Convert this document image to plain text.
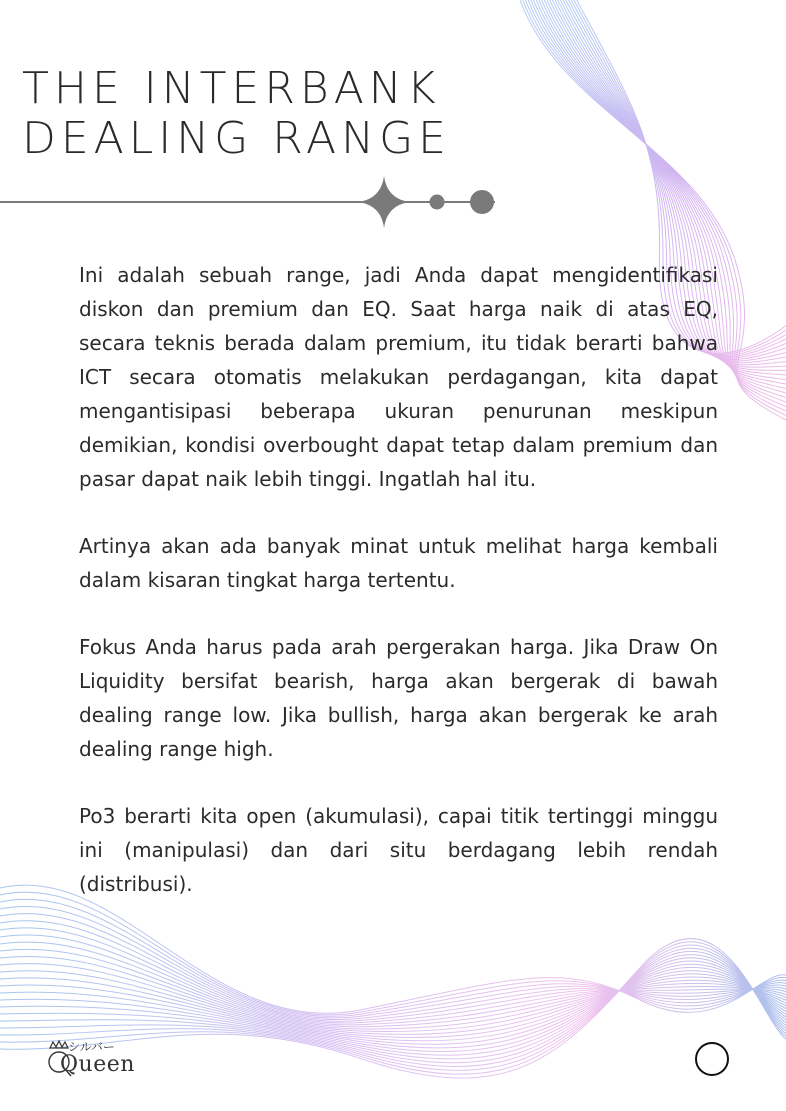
THE INTERBANK
DEALING RANGE

Ini adalah sebuah range, jadi Anda dapat mengidentifikasi diskon dan premium dan EQ. Saat harga naik di atas EQ, secara teknis berada dalam premium, itu tidak berarti bahwa ICT secara otomatis melakukan perdagangan, kita dapat mengantisipasi beberapa ukuran penurunan meskipun demikian, kondisi overbought dapat tetap dalam premium dan pasar dapat naik lebih tinggi. Ingatlah hal itu.

Artinya akan ada banyak minat untuk melihat harga kembali dalam kisaran tingkat harga tertentu.

Fokus Anda harus pada arah pergerakan harga. Jika Draw On Liquidity bersifat bearish, harga akan bergerak di bawah dealing range low. Jika bullish, harga akan bergerak ke arah dealing range high.

Po3 berarti kita open (akumulasi), capai titik tertinggi minggu ini (manipulasi) dan dari situ berdagang lebih rendah (distribusi).

シルバー
Queen
